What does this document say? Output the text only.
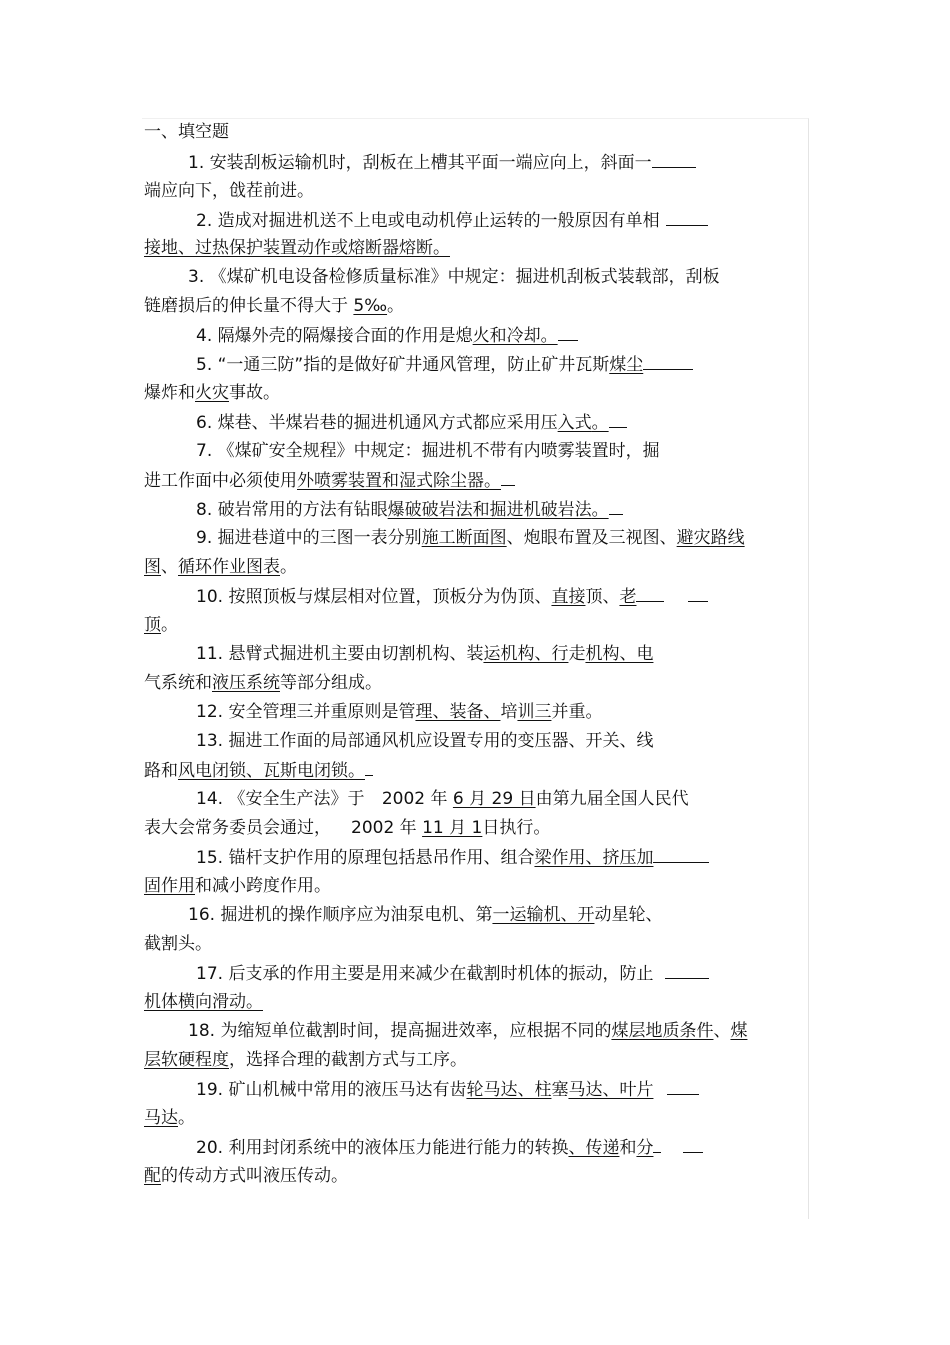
一、填空题
1. 安装刮板运输机时，刮板在上槽其平面一端应向上，斜面一
端应向下，戗茬前进。
2. 造成对掘进机送不上电或电动机停止运转的一般原因有单相
接地、过热保护装置动作或熔断器熔断。
3. 《煤矿机电设备检修质量标准》中规定：掘进机刮板式装载部，刮板
链磨损后的伸长量不得大于 5‰。
4. 隔爆外壳的隔爆接合面的作用是熄火和冷却。
5. “一通三防”指的是做好矿井通风管理，防止矿井瓦斯煤尘
爆炸和火灾事故。
6. 煤巷、半煤岩巷的掘进机通风方式都应采用压入式。
7. 《煤矿安全规程》中规定：掘进机不带有内喷雾装置时，掘
进工作面中必须使用外喷雾装置和湿式除尘器。
8. 破岩常用的方法有钻眼爆破破岩法和掘进机破岩法。
9. 掘进巷道中的三图一表分别施工断面图、炮眼布置及三视图、避灾路线
图、循环作业图表。
10. 按照顶板与煤层相对位置，顶板分为伪顶、直接顶、老
顶。
11. 悬臂式掘进机主要由切割机构、装运机构、行走机构、电
气系统和液压系统等部分组成。
12. 安全管理三并重原则是管理、装备、培训三并重。
13. 掘进工作面的局部通风机应设置专用的变压器、开关、线
路和风电闭锁、瓦斯电闭锁。
14. 《安全生产法》于 2002 年 6 月 29 日由第九届全国人民代
表大会常务委员会通过， 2002 年 11 月 1日执行。
15. 锚杆支护作用的原理包括悬吊作用、组合梁作用、挤压加
固作用和减小跨度作用。
16. 掘进机的操作顺序应为油泵电机、第一运输机、开动星轮、
截割头。
17. 后支承的作用主要是用来减少在截割时机体的振动，防止
机体横向滑动。
18. 为缩短单位截割时间，提高掘进效率，应根据不同的煤层地质条件、煤
层软硬程度，选择合理的截割方式与工序。
19. 矿山机械中常用的液压马达有齿轮马达、柱塞马达、叶片
马达。
20. 利用封闭系统中的液体压力能进行能力的转换、传递和分
配的传动方式叫液压传动。
